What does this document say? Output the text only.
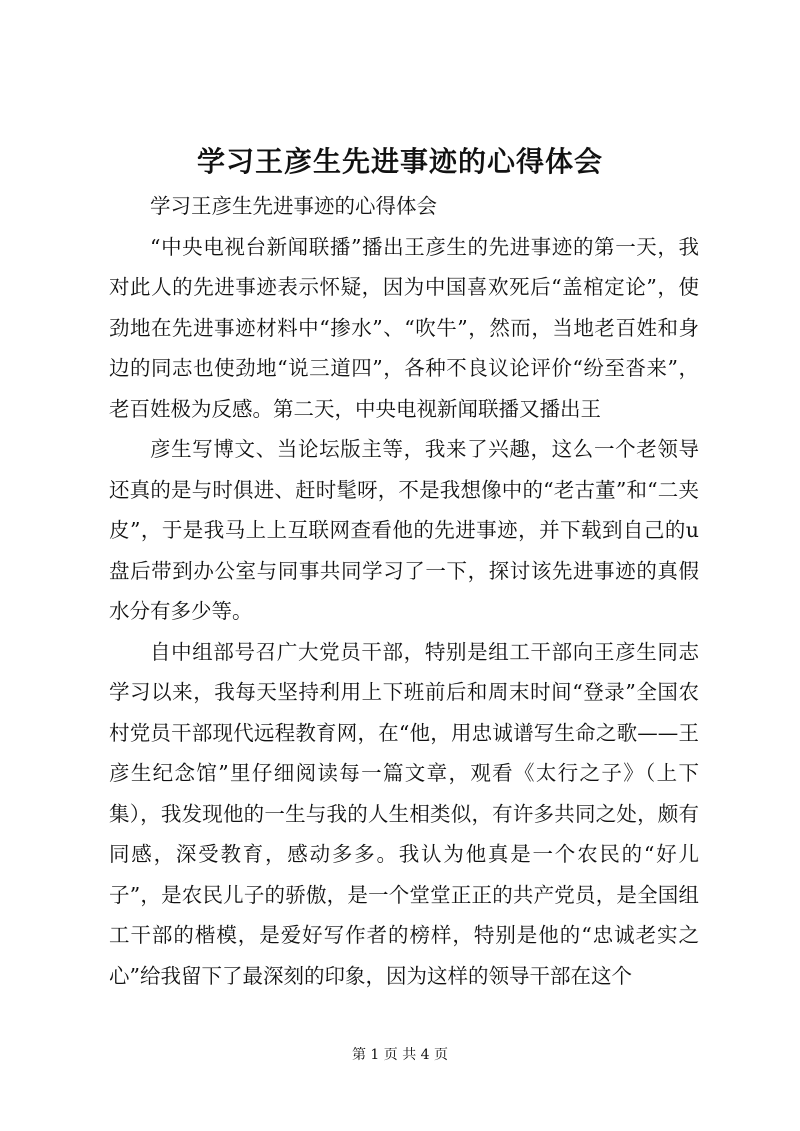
学习王彦生先进事迹的心得体会

学习王彦生先进事迹的心得体会

“中央电视台新闻联播”播出王彦生的先进事迹的第一天，我对此人的先进事迹表示怀疑，因为中国喜欢死后“盖棺定论”，使劲地在先进事迹材料中“掺水”、“吹牛”，然而，当地老百姓和身边的同志也使劲地“说三道四”，各种不良议论评价“纷至沓来”，老百姓极为反感。第二天，中央电视新闻联播又播出王

彦生写博文、当论坛版主等，我来了兴趣，这么一个老领导还真的是与时俱进、赶时髦呀，不是我想像中的“老古董”和“二夹皮”，于是我马上上互联网查看他的先进事迹，并下载到自己的u盘后带到办公室与同事共同学习了一下，探讨该先进事迹的真假水分有多少等。

自中组部号召广大党员干部，特别是组工干部向王彦生同志学习以来，我每天坚持利用上下班前后和周末时间“登录”全国农村党员干部现代远程教育网，在“他，用忠诚谱写生命之歌——王彦生纪念馆”里仔细阅读每一篇文章，观看《太行之子》（上下集），我发现他的一生与我的人生相类似，有许多共同之处，颇有同感，深受教育，感动多多。我认为他真是一个农民的“好儿子”，是农民儿子的骄傲，是一个堂堂正正的共产党员，是全国组工干部的楷模，是爱好写作者的榜样，特别是他的“忠诚老实之心”给我留下了最深刻的印象，因为这样的领导干部在这个

第 1 页 共 4 页
